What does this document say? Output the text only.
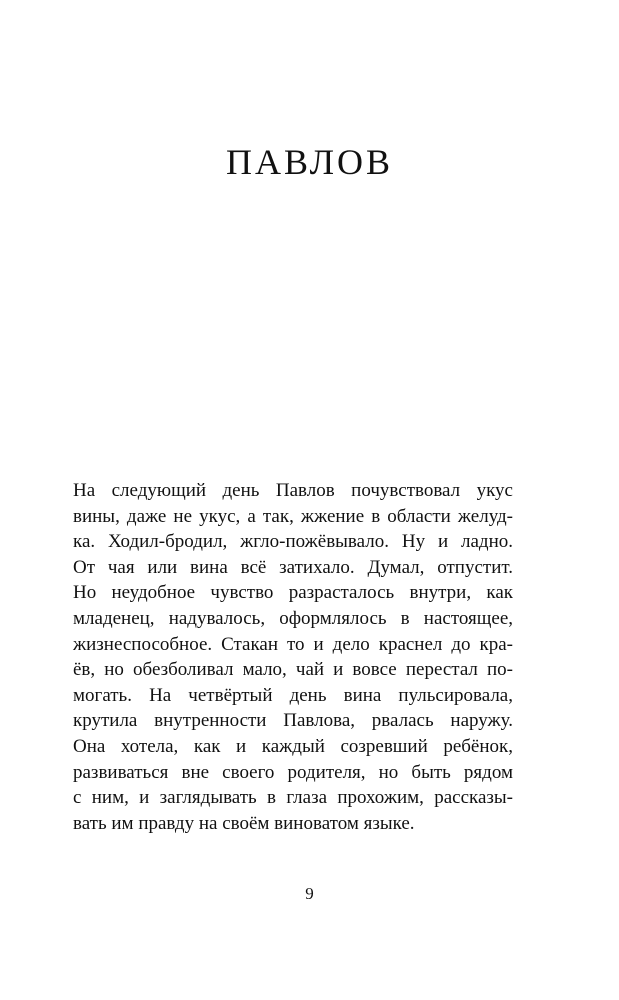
ПАВЛОВ
На следующий день Павлов почувствовал укус
вины, даже не укус, а так, жжение в области желуд-
ка. Ходил-бродил, жгло-пожёвывало. Ну и ладно.
От чая или вина всё затихало. Думал, отпустит.
Но неудобное чувство разрасталось внутри, как
младенец, надувалось, оформлялось в настоящее,
жизнеспособное. Стакан то и дело краснел до кра-
ёв, но обезболивал мало, чай и вовсе перестал по-
могать. На четвёртый день вина пульсировала,
крутила внутренности Павлова, рвалась наружу.
Она хотела, как и каждый созревший ребёнок,
развиваться вне своего родителя, но быть рядом
с ним, и заглядывать в глаза прохожим, рассказы-
вать им правду на своём виноватом языке.

9
